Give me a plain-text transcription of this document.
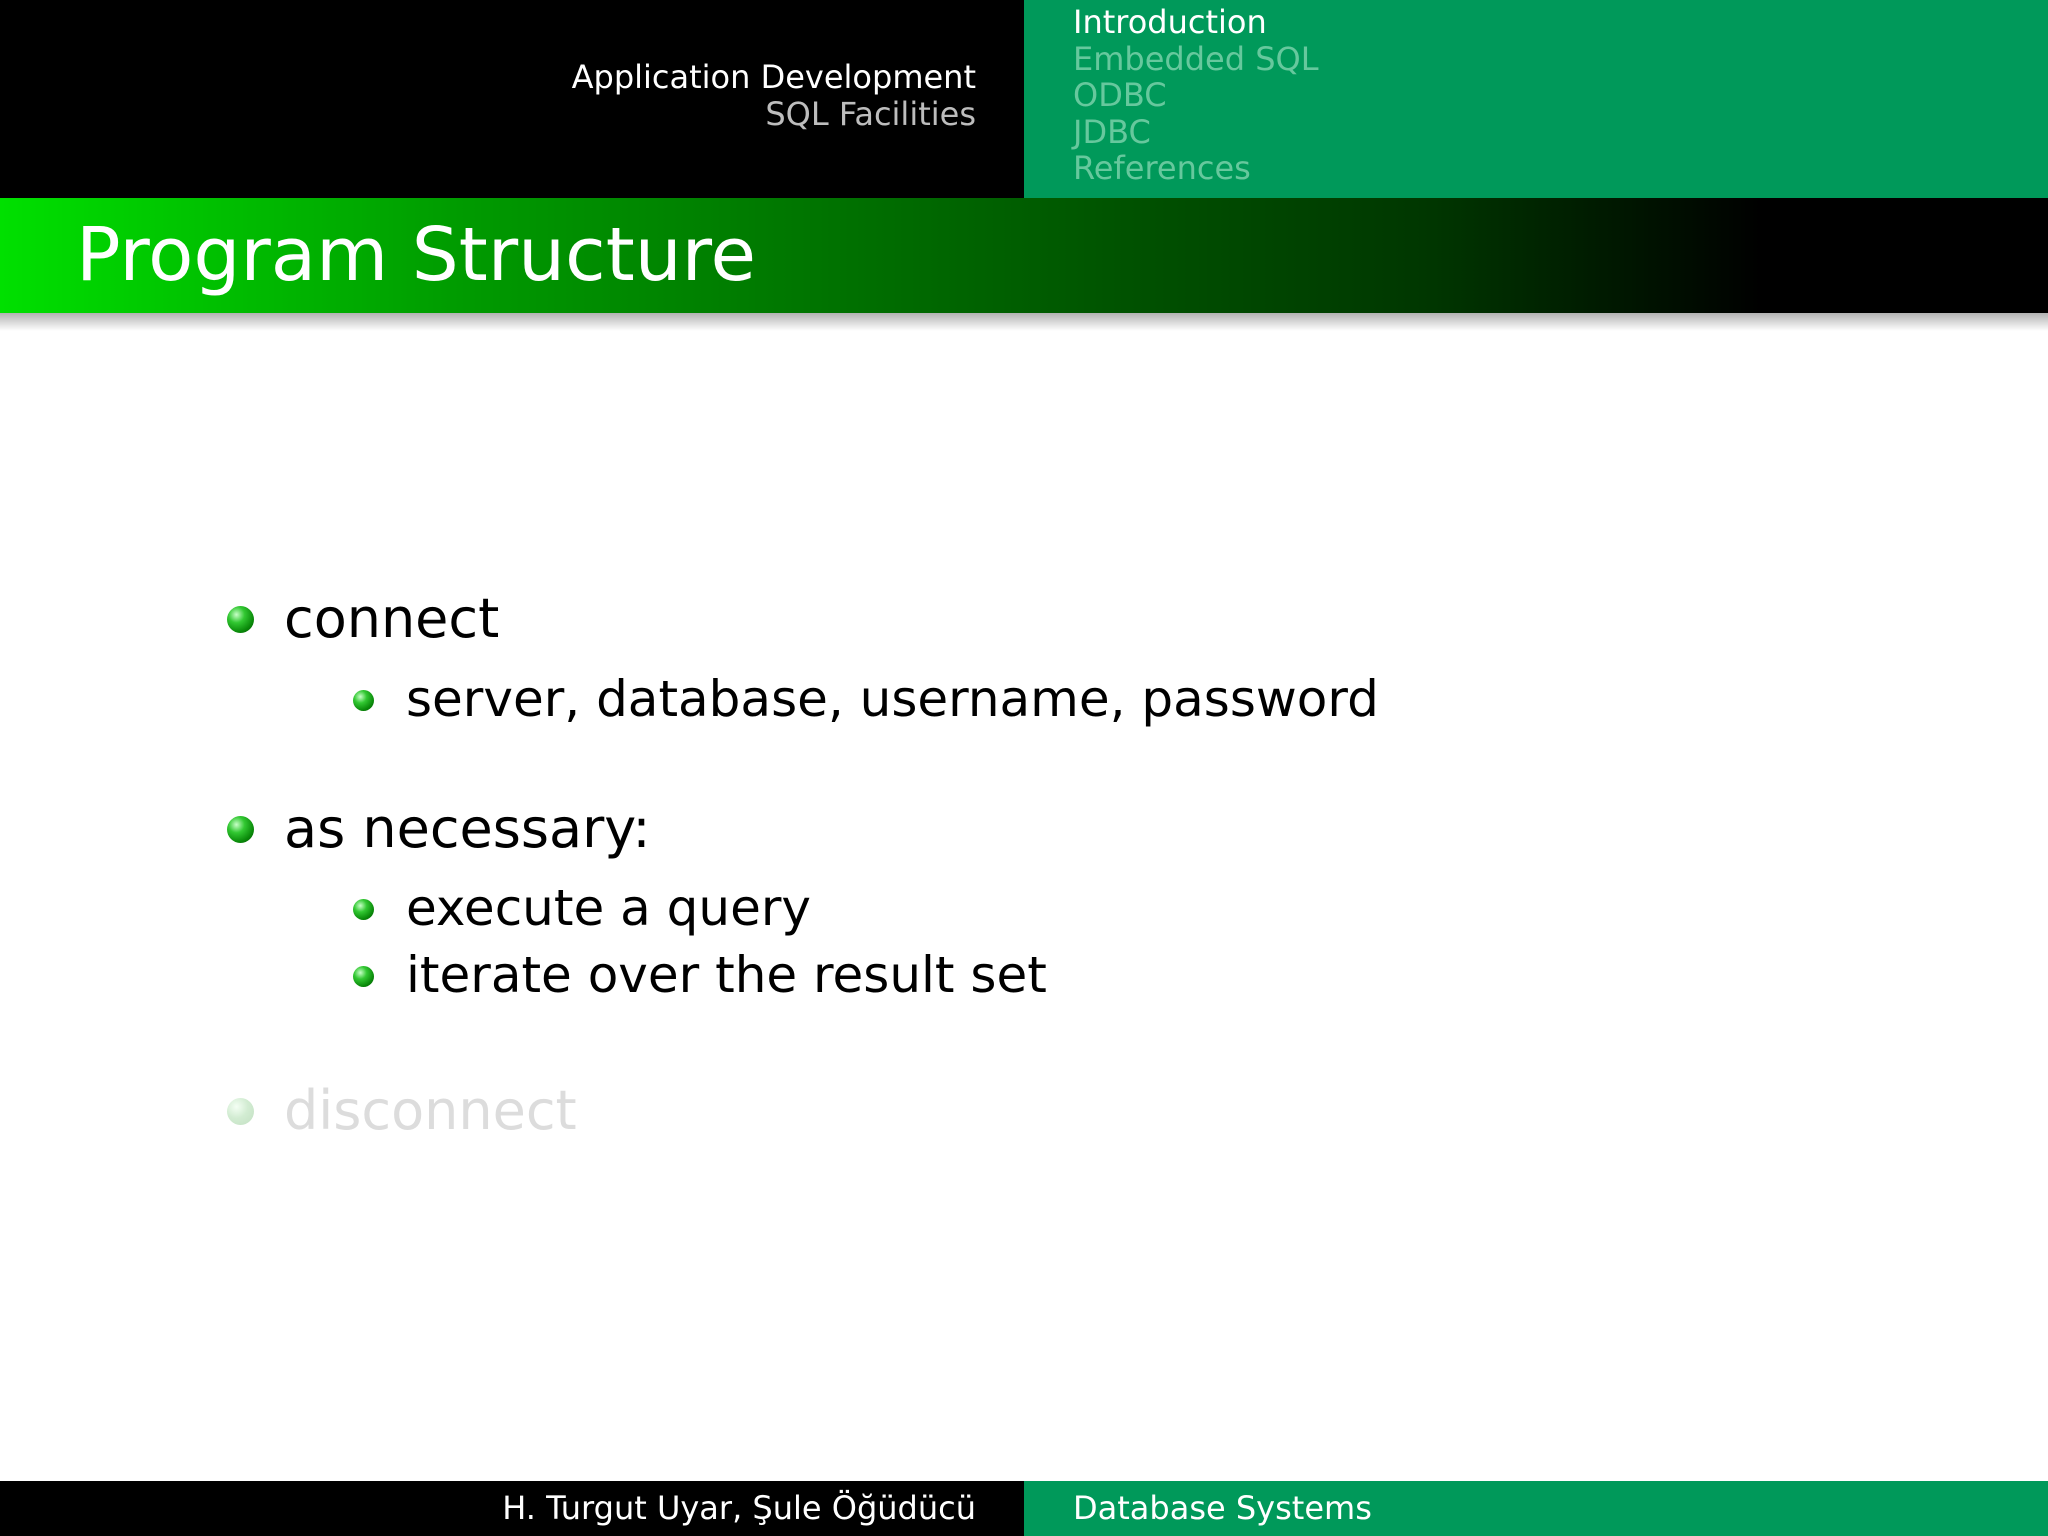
Application Development
SQL Facilities
Introduction
Embedded SQL
ODBC
JDBC
References
Program Structure
connect
server, database, username, password
as necessary:
execute a query
iterate over the result set
disconnect
H. Turgut Uyar, Şule Öğüdücü	Database Systems
